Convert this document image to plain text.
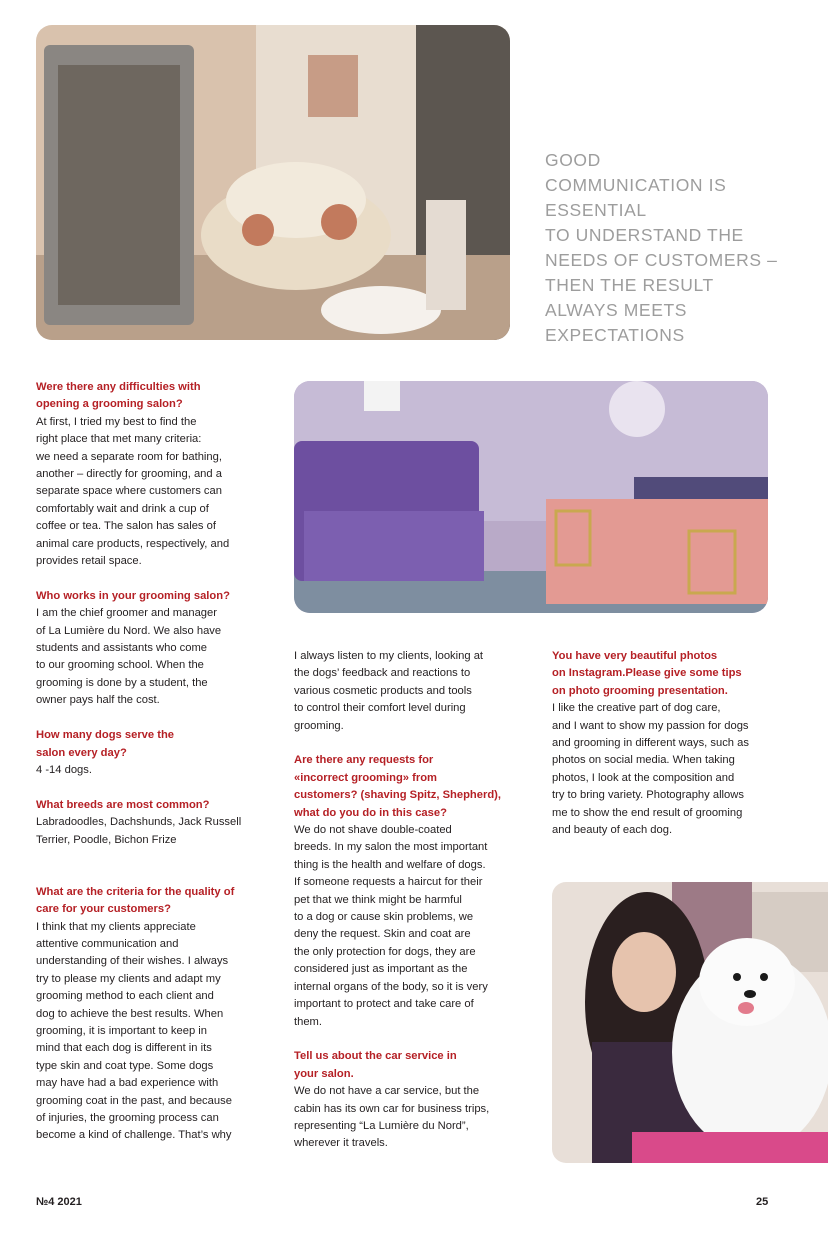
GOOD
COMMUNICATION IS
ESSENTIAL
TO UNDERSTAND THE
NEEDS OF CUSTOMERS –
THEN THE RESULT
ALWAYS MEETS
EXPECTATIONS
Were there any difficulties with
opening a grooming salon?
At first, I tried my best to find the
right place that met many criteria:
we need a separate room for bathing,
another – directly for grooming, and a
separate space where customers can
comfortably wait and drink a cup of
coffee or tea. The salon has sales of
animal care products, respectively, and
provides retail space.
Who works in your grooming salon?
I am the chief groomer and manager
of La Lumière du Nord. We also have
students and assistants who come
to our grooming school. When the
grooming is done by a student, the
owner pays half the cost.
How many dogs serve the
salon every day?
4 -14 dogs.
What breeds are most common?
Labradoodles, Dachshunds, Jack Russell
Terrier, Poodle, Bichon Frize
What are the criteria for the quality of
care for your customers?
I think that my clients appreciate
attentive communication and
understanding of their wishes. I always
try to please my clients and adapt my
grooming method to each client and
dog to achieve the best results. When
grooming, it is important to keep in
mind that each dog is different in its
type skin and coat type. Some dogs
may have had a bad experience with
grooming coat in the past, and because
of injuries, the grooming process can
become a kind of challenge. That’s why
I always listen to my clients, looking at
the dogs’ feedback and reactions to
various cosmetic products and tools
to control their comfort level during
grooming.
Are there any requests for
«incorrect grooming» from
customers? (shaving Spitz, Shepherd),
what do you do in this case?
We do not shave double-coated
breeds. In my salon the most important
thing is the health and welfare of dogs.
If someone requests a haircut for their
pet that we think might be harmful
to a dog or cause skin problems, we
deny the request. Skin and coat are
the only protection for dogs, they are
considered just as important as the
internal organs of the body, so it is very
important to protect and take care of
them.
Tell us about the car service in
your salon.
We do not have a car service, but the
cabin has its own car for business trips,
representing “La Lumière du Nord”,
wherever it travels.
You have very beautiful photos
on Instagram.Please give some tips
on photo grooming presentation.
I like the creative part of dog care,
and I want to show my passion for dogs
and grooming in different ways, such as
photos on social media. When taking
photos, I look at the composition and
try to bring variety. Photography allows
me to show the end result of grooming
and beauty of each dog.
№4 2021	25
